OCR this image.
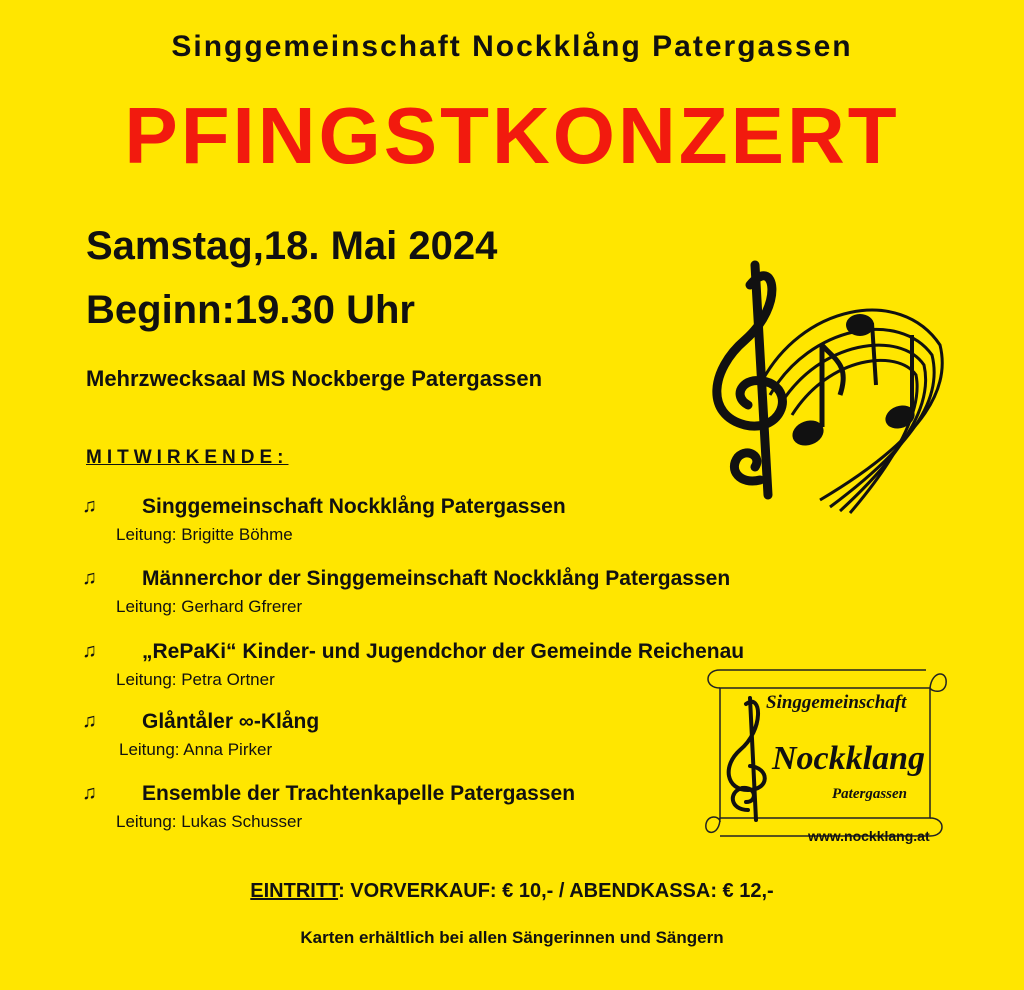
Singgemeinschaft Nockklång Patergassen
PFINGSTKONZERT
Samstag,18. Mai 2024
Beginn:19.30 Uhr
Mehrzwecksaal MS Nockberge Patergassen
MITWIRKENDE:
♫ Singgemeinschaft Nockklång Patergassen
Leitung: Brigitte Böhme
♫ Männerchor der Singgemeinschaft Nockklång Patergassen
Leitung: Gerhard Gfrerer
♫ „RePaKi“ Kinder- und Jugendchor der Gemeinde Reichenau
Leitung: Petra Ortner
♫ Glåntåler ∞-Klång
Leitung: Anna Pirker
♫ Ensemble der Trachtenkapelle Patergassen
Leitung: Lukas Schusser
Singgemeinschaft
Nockklang
Patergassen
www.nockklang.at
EINTRITT: VORVERKAUF: € 10,- / ABENDKASSA: € 12,-
Karten erhältlich bei allen Sängerinnen und Sängern
